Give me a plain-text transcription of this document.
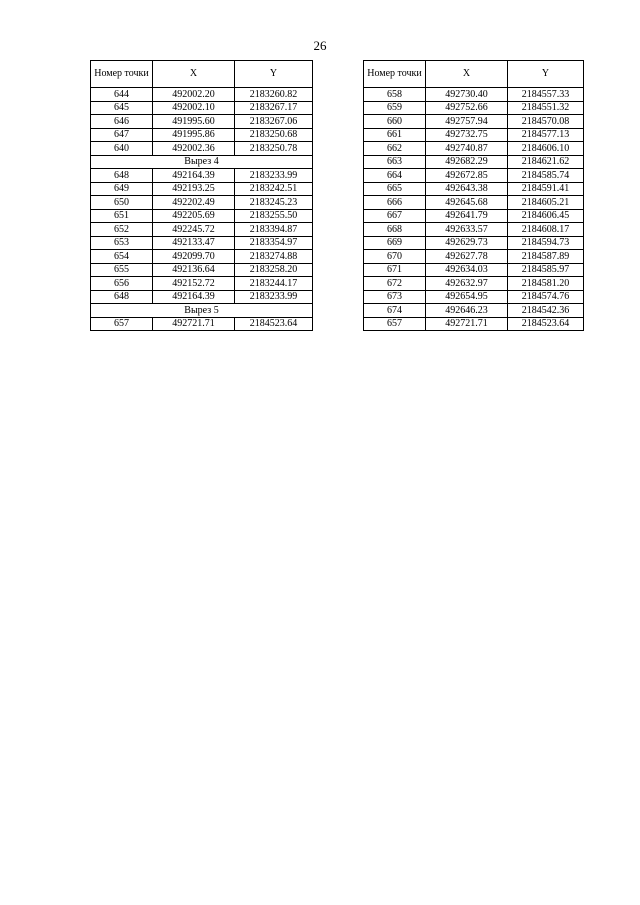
26
Номер точки	X	Y
644	492002.20	2183260.82
645	492002.10	2183267.17
646	491995.60	2183267.06
647	491995.86	2183250.68
640	492002.36	2183250.78
Вырез 4		
648	492164.39	2183233.99
649	492193.25	2183242.51
650	492202.49	2183245.23
651	492205.69	2183255.50
652	492245.72	2183394.87
653	492133.47	2183354.97
654	492099.70	2183274.88
655	492136.64	2183258.20
656	492152.72	2183244.17
648	492164.39	2183233.99
Вырез 5		
657	492721.71	2184523.64
Номер точки	X	Y
658	492730.40	2184557.33
659	492752.66	2184551.32
660	492757.94	2184570.08
661	492732.75	2184577.13
662	492740.87	2184606.10
663	492682.29	2184621.62
664	492672.85	2184585.74
665	492643.38	2184591.41
666	492645.68	2184605.21
667	492641.79	2184606.45
668	492633.57	2184608.17
669	492629.73	2184594.73
670	492627.78	2184587.89
671	492634.03	2184585.97
672	492632.97	2184581.20
673	492654.95	2184574.76
674	492646.23	2184542.36
657	492721.71	2184523.64
